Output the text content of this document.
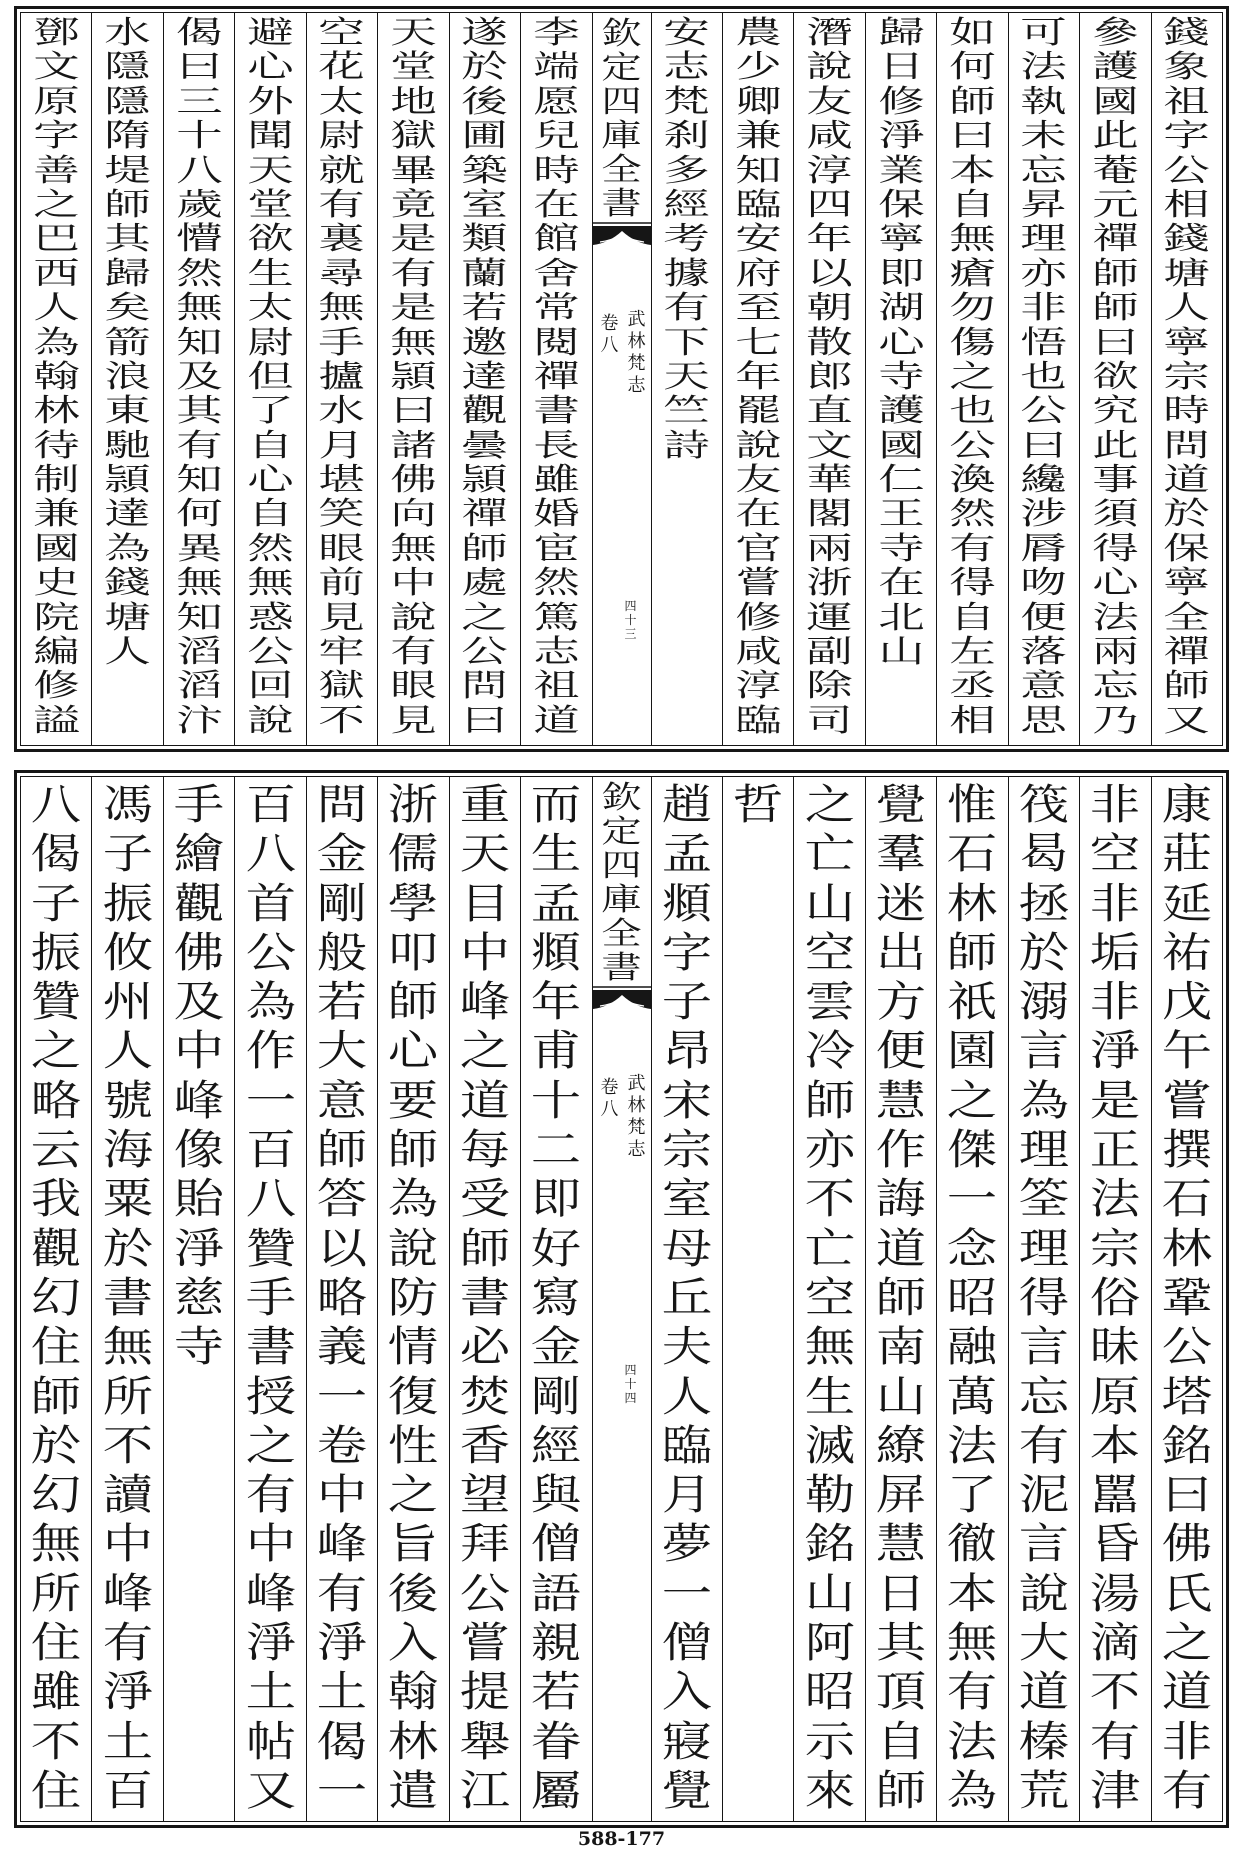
錢
象
祖
字
公
相
錢
塘
人
寧
宗
時
問
道
於
保
寧
全
禪
師
又
參
護
國
此
菴
元
禪
師
師
曰
欲
究
此
事
須
得
心
法
兩
忘
乃
可
法
執
未
忘
昇
理
亦
非
悟
也
公
曰
纔
涉
脣
吻
便
落
意
思
如
何
師
曰
本
自
無
瘡
勿
傷
之
也
公
渙
然
有
得
自
左
丞
相
歸
日
修
淨
業
保
寧
即
湖
心
寺
護
國
仁
王
寺
在
北
山
潛
說
友
咸
淳
四
年
以
朝
散
郎
直
文
華
閣
兩
浙
運
副
除
司
農
少
卿
兼
知
臨
安
府
至
七
年
罷
說
友
在
官
嘗
修
咸
淳
臨
安
志
梵
刹
多
經
考
據
有
下
天
竺
詩
欽
定
四
庫
全
書
武
林
梵
志
卷
八
四
十
三
李
端
愿
兒
時
在
館
舍
常
閱
禪
書
長
雖
婚
宦
然
篤
志
祖
道
遂
於
後
圃
築
室
類
蘭
若
邀
達
觀
曇
頴
禪
師
處
之
公
問
曰
天
堂
地
獄
畢
竟
是
有
是
無
頴
曰
諸
佛
向
無
中
說
有
眼
見
空
花
太
尉
就
有
裏
尋
無
手
攎
水
月
堪
笑
眼
前
見
牢
獄
不
避
心
外
聞
天
堂
欲
生
太
尉
但
了
自
心
自
然
無
惑
公
回
說
偈
曰
三
十
八
歲
懵
然
無
知
及
其
有
知
何
異
無
知
滔
滔
汴
水
隱
隱
隋
堤
師
其
歸
矣
箭
浪
東
馳
頴
達
為
錢
塘
人
鄧
文
原
字
善
之
巴
西
人
為
翰
林
待
制
兼
國
史
院
編
修
謚
康
莊
延
祐
戊
午
嘗
撰
石
林
鞏
公
塔
銘
曰
佛
氏
之
道
非
有
非
空
非
垢
非
淨
是
正
法
宗
俗
昧
原
本
嚚
昏
湯
滴
不
有
津
筏
曷
拯
於
溺
言
為
理
筌
理
得
言
忘
有
泥
言
說
大
道
榛
荒
惟
石
林
師
祇
園
之
傑
一
念
昭
融
萬
法
了
徹
本
無
有
法
為
覺
羣
迷
出
方
便
慧
作
誨
道
師
南
山
繚
屏
慧
日
其
頂
自
師
之
亡
山
空
雲
冷
師
亦
不
亡
空
無
生
滅
勒
銘
山
阿
昭
示
來
哲
趙
孟
頫
字
子
昂
宋
宗
室
母
丘
夫
人
臨
月
夢
一
僧
入
寢
覺
欽
定
四
庫
全
書
武
林
梵
志
卷
八
四
十
四
而
生
孟
頫
年
甫
十
二
即
好
寫
金
剛
經
與
僧
語
親
若
眷
屬
重
天
目
中
峰
之
道
每
受
師
書
必
焚
香
望
拜
公
嘗
提
舉
江
浙
儒
學
叩
師
心
要
師
為
說
防
情
復
性
之
旨
後
入
翰
林
遣
問
金
剛
般
若
大
意
師
答
以
略
義
一
卷
中
峰
有
淨
土
偈
一
百
八
首
公
為
作
一
百
八
贊
手
書
授
之
有
中
峰
淨
土
帖
又
手
繪
觀
佛
及
中
峰
像
貽
淨
慈
寺
馮
子
振
攸
州
人
號
海
粟
於
書
無
所
不
讀
中
峰
有
淨
土
百
八
偈
子
振
贊
之
略
云
我
觀
幻
住
師
於
幻
無
所
住
雖
不
住
588-177
